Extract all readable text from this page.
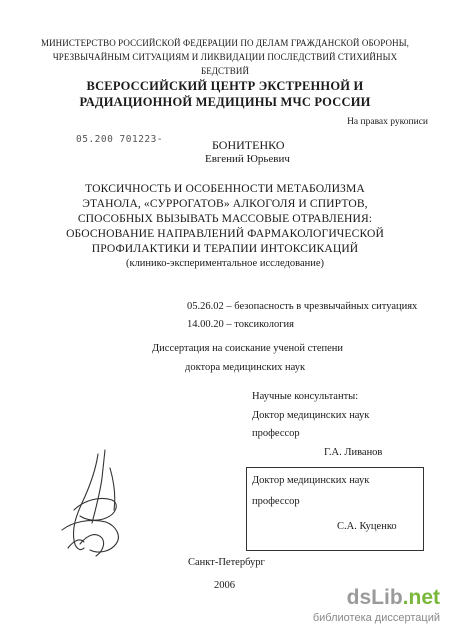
МИНИСТЕРСТВО РОССИЙСКОЙ ФЕДЕРАЦИИ ПО ДЕЛАМ ГРАЖДАНСКОЙ ОБОРОНЫ,
ЧРЕЗВЫЧАЙНЫМ СИТУАЦИЯМ И ЛИКВИДАЦИИ ПОСЛЕДСТВИЙ СТИХИЙНЫХ
БЕДСТВИЙ
ВСЕРОССИЙСКИЙ ЦЕНТР ЭКСТРЕННОЙ И
РАДИАЦИОННОЙ МЕДИЦИНЫ МЧС РОССИИ
На правах рукописи
05.200 701223-	БОНИТЕНКО
Евгений Юрьевич
ТОКСИЧНОСТЬ И ОСОБЕННОСТИ МЕТАБОЛИЗМА
ЭТАНОЛА, «СУРРОГАТОВ» АЛКОГОЛЯ И СПИРТОВ,
СПОСОБНЫХ ВЫЗЫВАТЬ МАССОВЫЕ ОТРАВЛЕНИЯ:
ОБОСНОВАНИЕ НАПРАВЛЕНИЙ ФАРМАКОЛОГИЧЕСКОЙ
ПРОФИЛАКТИКИ И ТЕРАПИИ ИНТОКСИКАЦИЙ
(клинико-экспериментальное исследование)
05.26.02 – безопасность в чрезвычайных ситуациях
14.00.20 – токсикология
Диссертация на соискание ученой степени
доктора медицинских наук
Научные консультанты:
Доктор медицинских наук
профессор
Г.А. Ливанов
Доктор медицинских наук
профессор
С.А. Куценко
Санкт-Петербург
2006
dsLib.net
библиотека диссертаций
